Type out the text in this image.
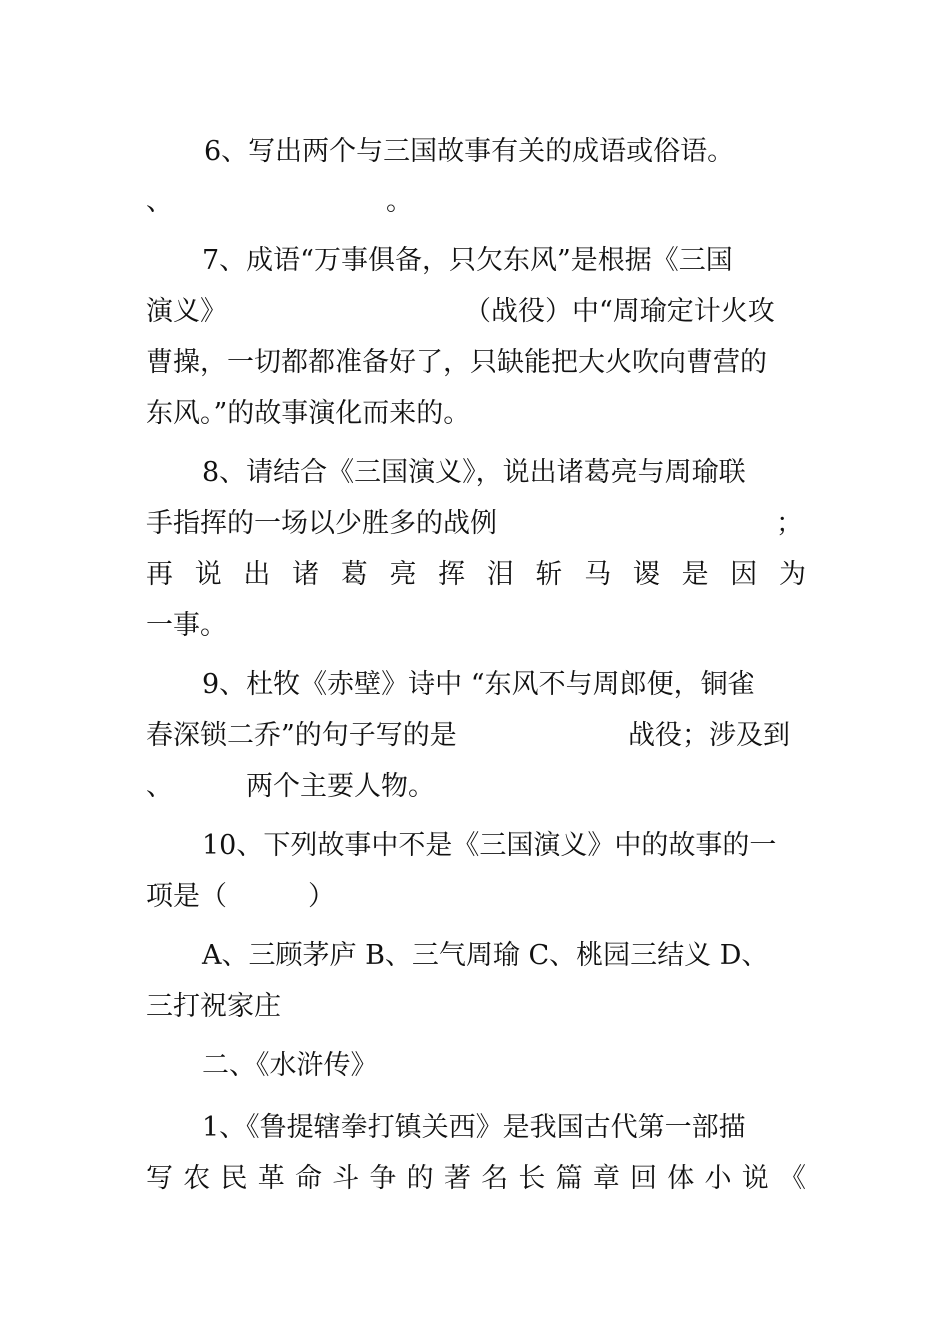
6、写出两个与三国故事有关的成语或俗语。
、	。
7、成语“万事俱备，只欠东风”是根据《三国
演义》	（战役）中“周瑜定计火攻
曹操，一切都都准备好了，只缺能把大火吹向曹营的
东风。”的故事演化而来的。
8、请结合《三国演义》，说出诸葛亮与周瑜联
手指挥的一场以少胜多的战例	；
再 说 出 诸 葛 亮 挥 泪 斩 马 谡 是 因 为
一事。
9、杜牧《赤壁》诗中 “东风不与周郎便，铜雀
春深锁二乔”的句子写的是	战役；涉及到
、	两个主要人物。
10、下列故事中不是《三国演义》中的故事的一
项是（　　　）
A、三顾茅庐 B、三气周瑜 C、桃园三结义 D、
三打祝家庄
二、《水浒传》
1、《鲁提辖拳打镇关西》是我国古代第一部描
写 农 民 革 命 斗 争 的 著 名 长 篇 章 回 体 小 说 《
